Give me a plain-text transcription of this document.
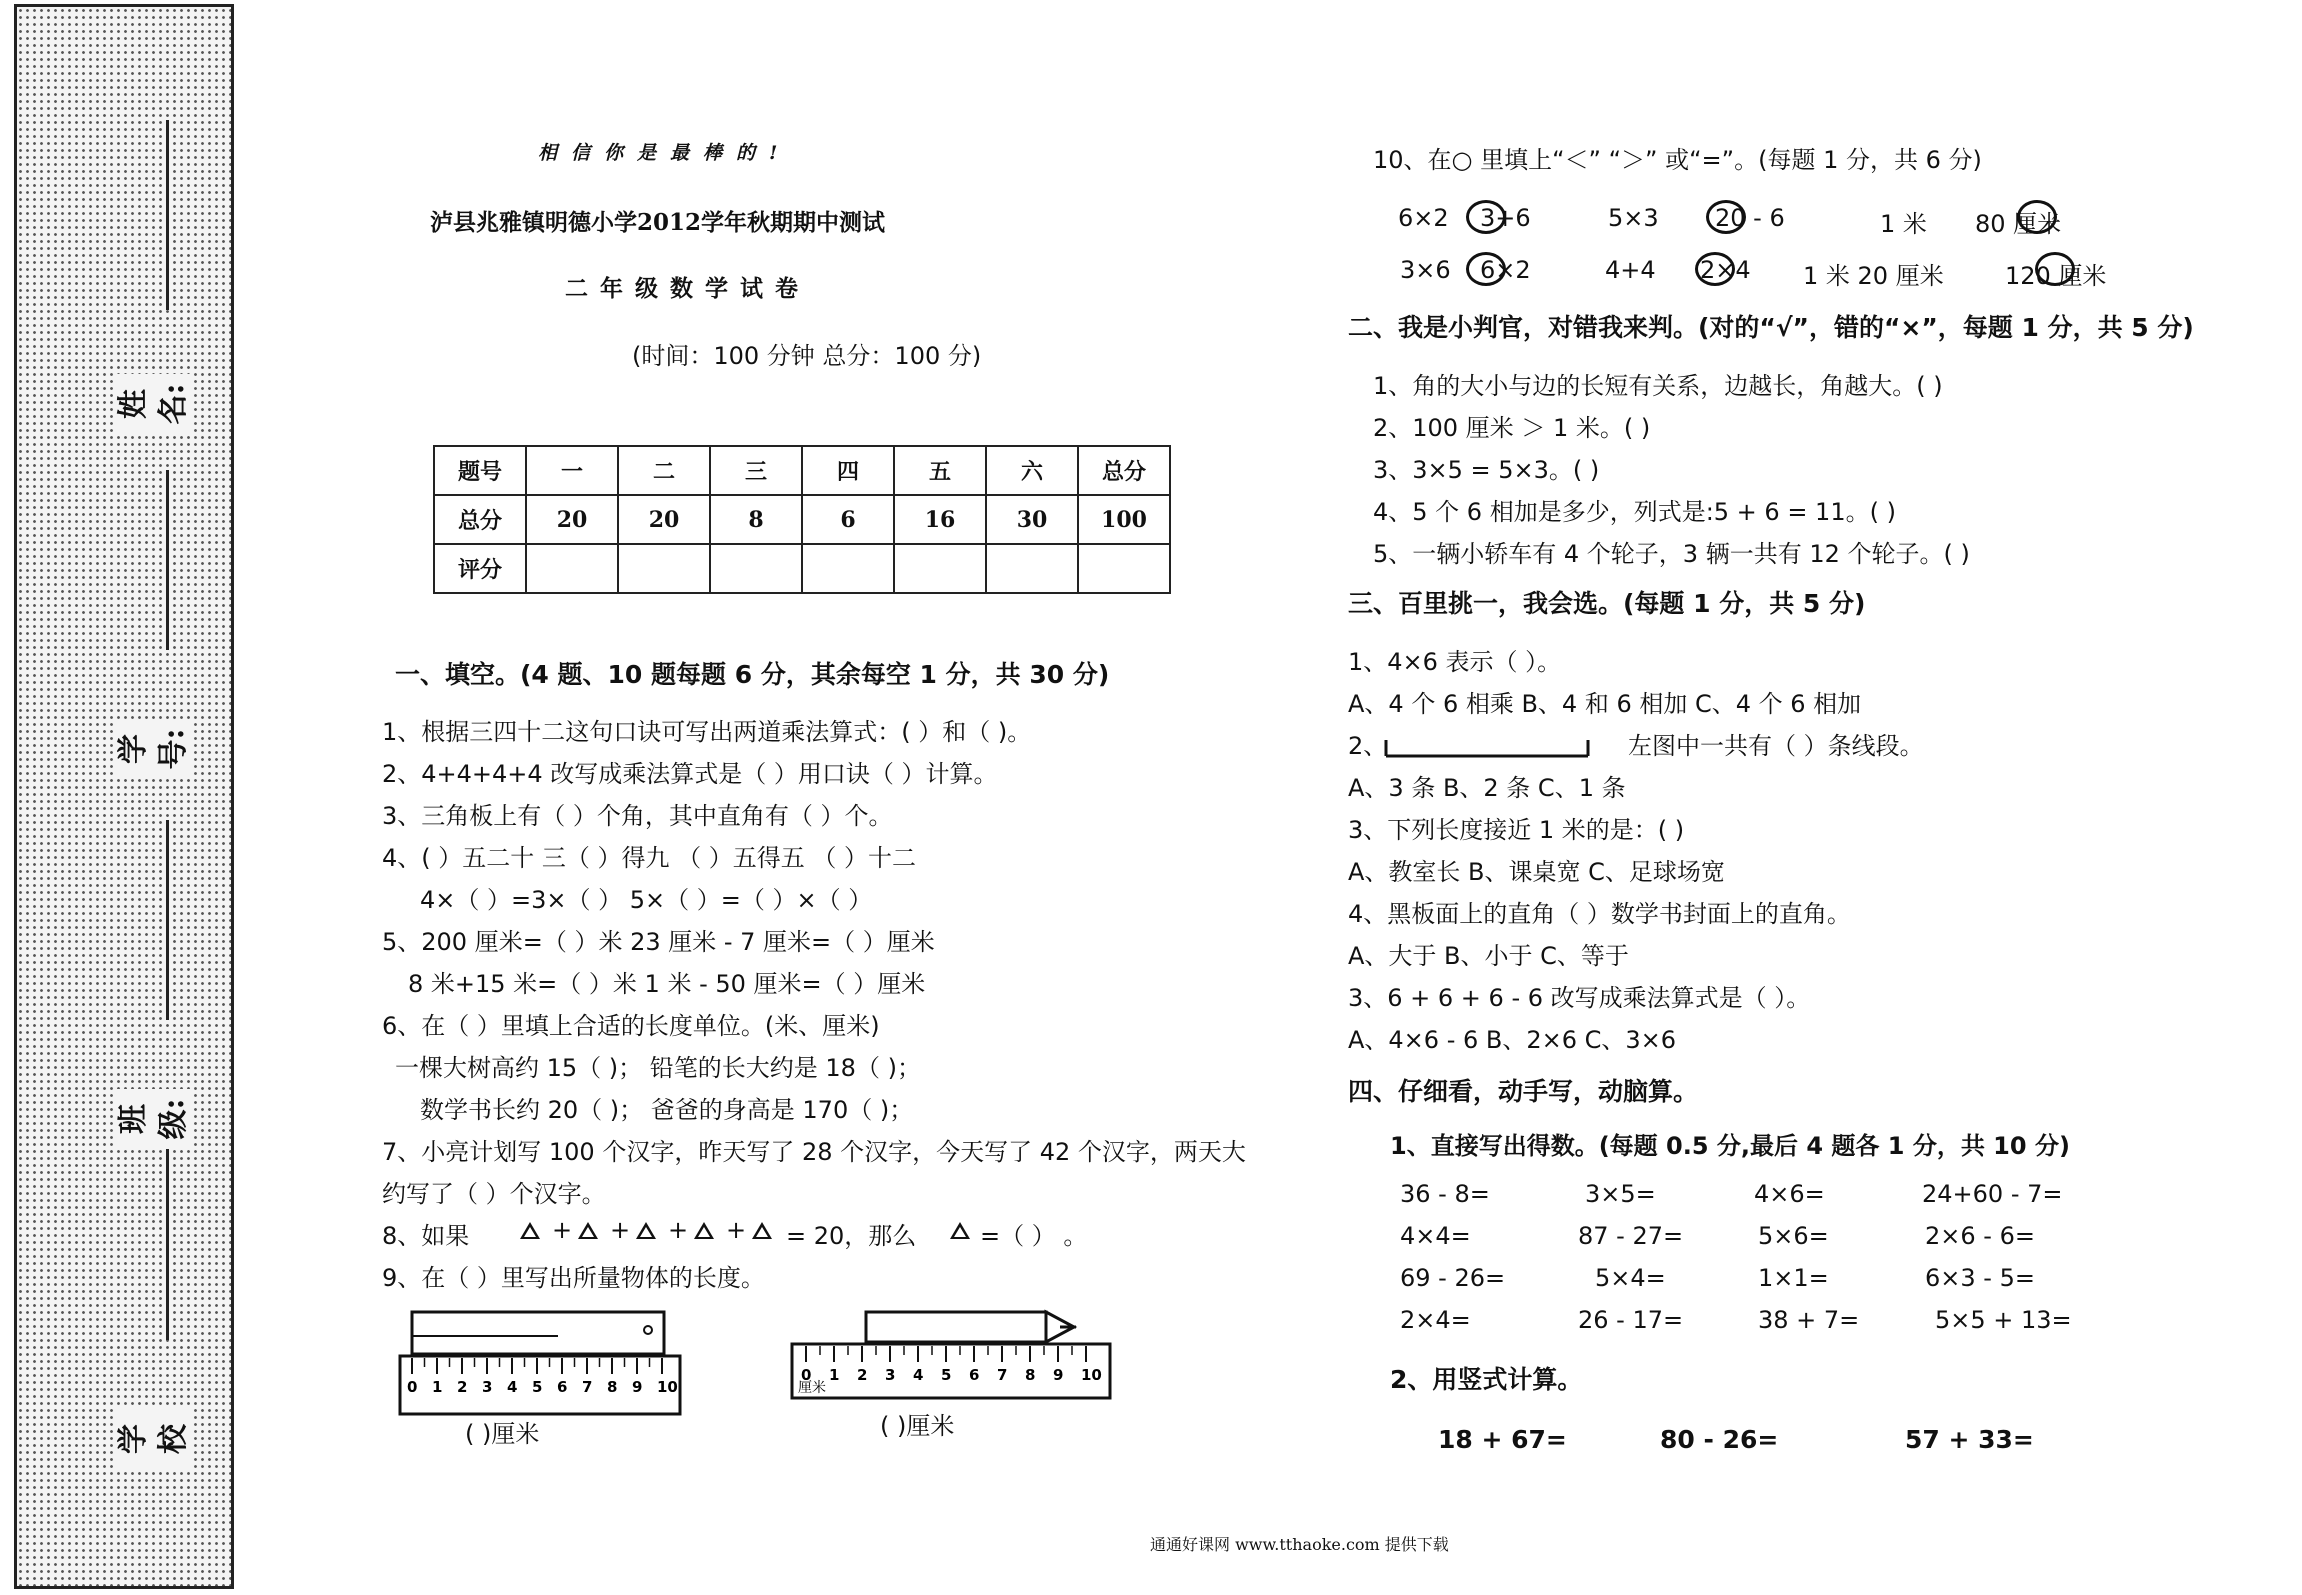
姓 名:
学 号:
班 级:
学 校
相信你是最棒的!
泸县兆雅镇明德小学2012学年秋期期中测试
二年级数学试卷
(时间：100 分钟 总分：100 分)
题号	一	二	三	四	五	六	总分
总分	20	20	8	6	16	30	100
评分							
一、填空。(4 题、10 题每题 6 分，其余每空 1 分，共 30 分)
1、根据三四十二这句口诀可写出两道乘法算式：( ）和（ )。
2、4+4+4+4 改写成乘法算式是（ ）用口诀（ ）计算。
3、三角板上有（ ）个角，其中直角有（ ）个。
4、( ）五二十 三（ ）得九 （ ）五得五 （ ）十二
4×（ ）=3×（ ） 5×（ ）=（ ）×（ ）
5、200 厘米=（ ）米 23 厘米 - 7 厘米=（ ）厘米
8 米+15 米=（ ）米 1 米 - 50 厘米=（ ）厘米
6、在（ ）里填上合适的长度单位。(米、厘米)
一棵大树高约 15（ )； 铅笔的长大约是 18（ )；
数学书长约 20（ )； 爸爸的身高是 170（ )；
7、小亮计划写 100 个汉字，昨天写了 28 个汉字，今天写了 42 个汉字，两天大
约写了（ ）个汉字。
8、如果	+ + + + = 20，那么	=（ ） 。
9、在（ ）里写出所量物体的长度。
0 1 2 3 4 5 6 7 8 9 10
( )厘米
0 1 2 3 4 5 6 7 8 9 10
厘米
( )厘米
10、在○ 里填上“＜” “＞” 或“=”。(每题 1 分，共 6 分)
6×2 3+6	5×3 20 - 6	1 米 80 厘米
3×6 6×2	4+4 2×4 1 米 20 厘米	120 厘米
二、我是小判官，对错我来判。(对的“√”，错的“×”，每题 1 分，共 5 分)
1、角的大小与边的长短有关系，边越长，角越大。( )
2、100 厘米 ＞ 1 米。( )
3、3×5 = 5×3。( )
4、5 个 6 相加是多少，列式是:5 + 6 = 11。( )
5、一辆小轿车有 4 个轮子，3 辆一共有 12 个轮子。( )
三、百里挑一，我会选。(每题 1 分，共 5 分)
1、4×6 表示（ ）。
A、4 个 6 相乘 B、4 和 6 相加 C、4 个 6 相加
2、	左图中一共有（ ）条线段。
A、3 条 B、2 条 C、1 条
3、下列长度接近 1 米的是：( )
A、教室长 B、课桌宽 C、足球场宽
4、黑板面上的直角（ ）数学书封面上的直角。
A、大于 B、小于 C、等于
3、6 + 6 + 6 - 6 改写成乘法算式是（ ）。
A、4×6 - 6 B、2×6 C、3×6
四、仔细看，动手写，动脑算。
1、直接写出得数。(每题 0.5 分,最后 4 题各 1 分，共 10 分)
36 - 8=	3×5=	4×6=	24+60 - 7=
4×4=	87 - 27=	5×6=	2×6 - 6=
69 - 26=	5×4=	1×1=	6×3 - 5=
2×4=	26 - 17=	38 + 7=	5×5 + 13=
2、用竖式计算。
18 + 67=	80 - 26=	57 + 33=
通通好课网 www.tthaoke.com 提供下载
